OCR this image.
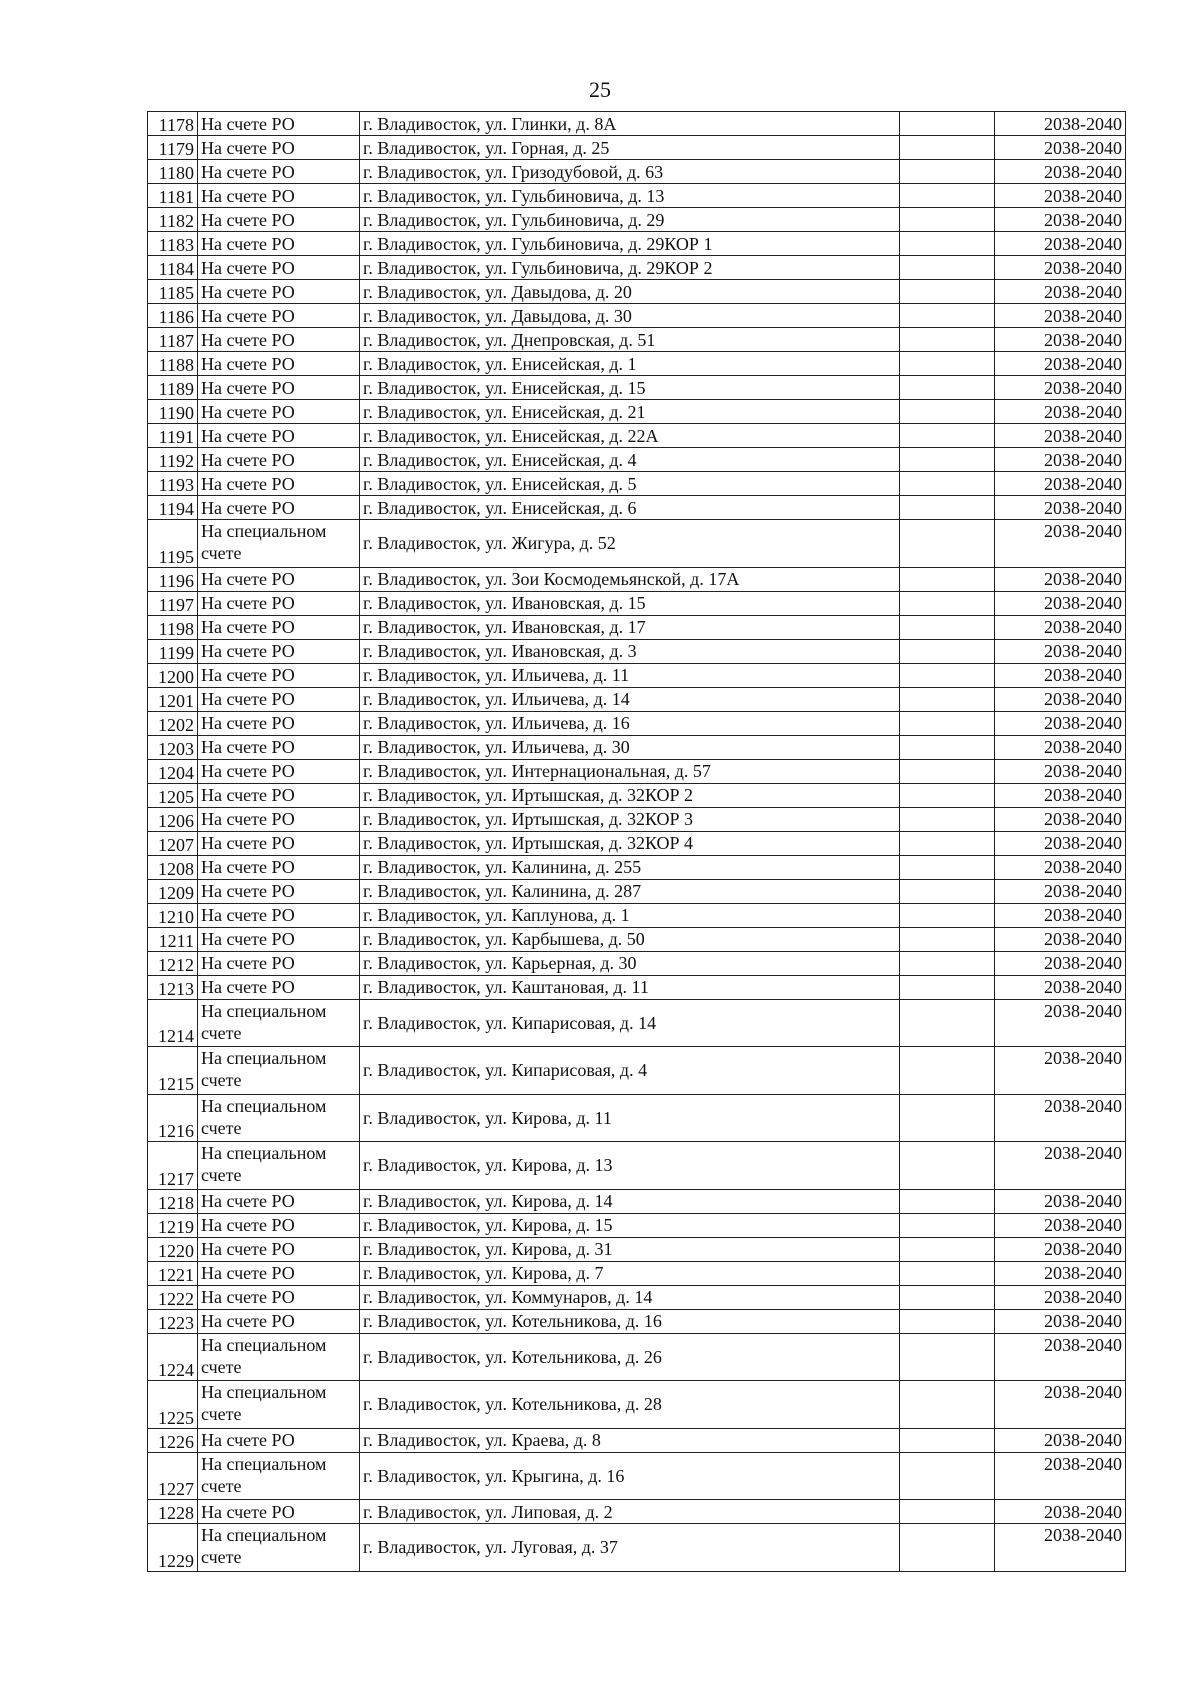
25
1178	На счете РО	г. Владивосток, ул. Глинки, д. 8А		2038-2040
1179	На счете РО	г. Владивосток, ул. Горная, д. 25		2038-2040
1180	На счете РО	г. Владивосток, ул. Гризодубовой, д. 63		2038-2040
1181	На счете РО	г. Владивосток, ул. Гульбиновича, д. 13		2038-2040
1182	На счете РО	г. Владивосток, ул. Гульбиновича, д. 29		2038-2040
1183	На счете РО	г. Владивосток, ул. Гульбиновича, д. 29КОР 1		2038-2040
1184	На счете РО	г. Владивосток, ул. Гульбиновича, д. 29КОР 2		2038-2040
1185	На счете РО	г. Владивосток, ул. Давыдова, д. 20		2038-2040
1186	На счете РО	г. Владивосток, ул. Давыдова, д. 30		2038-2040
1187	На счете РО	г. Владивосток, ул. Днепровская, д. 51		2038-2040
1188	На счете РО	г. Владивосток, ул. Енисейская, д. 1		2038-2040
1189	На счете РО	г. Владивосток, ул. Енисейская, д. 15		2038-2040
1190	На счете РО	г. Владивосток, ул. Енисейская, д. 21		2038-2040
1191	На счете РО	г. Владивосток, ул. Енисейская, д. 22А		2038-2040
1192	На счете РО	г. Владивосток, ул. Енисейская, д. 4		2038-2040
1193	На счете РО	г. Владивосток, ул. Енисейская, д. 5		2038-2040
1194	На счете РО	г. Владивосток, ул. Енисейская, д. 6		2038-2040
1195	На специальном счете	г. Владивосток, ул. Жигура, д. 52		2038-2040
1196	На счете РО	г. Владивосток, ул. Зои Космодемьянской, д. 17А		2038-2040
1197	На счете РО	г. Владивосток, ул. Ивановская, д. 15		2038-2040
1198	На счете РО	г. Владивосток, ул. Ивановская, д. 17		2038-2040
1199	На счете РО	г. Владивосток, ул. Ивановская, д. 3		2038-2040
1200	На счете РО	г. Владивосток, ул. Ильичева, д. 11		2038-2040
1201	На счете РО	г. Владивосток, ул. Ильичева, д. 14		2038-2040
1202	На счете РО	г. Владивосток, ул. Ильичева, д. 16		2038-2040
1203	На счете РО	г. Владивосток, ул. Ильичева, д. 30		2038-2040
1204	На счете РО	г. Владивосток, ул. Интернациональная, д. 57		2038-2040
1205	На счете РО	г. Владивосток, ул. Иртышская, д. 32КОР 2		2038-2040
1206	На счете РО	г. Владивосток, ул. Иртышская, д. 32КОР 3		2038-2040
1207	На счете РО	г. Владивосток, ул. Иртышская, д. 32КОР 4		2038-2040
1208	На счете РО	г. Владивосток, ул. Калинина, д. 255		2038-2040
1209	На счете РО	г. Владивосток, ул. Калинина, д. 287		2038-2040
1210	На счете РО	г. Владивосток, ул. Каплунова, д. 1		2038-2040
1211	На счете РО	г. Владивосток, ул. Карбышева, д. 50		2038-2040
1212	На счете РО	г. Владивосток, ул. Карьерная, д. 30		2038-2040
1213	На счете РО	г. Владивосток, ул. Каштановая, д. 11		2038-2040
1214	На специальном счете	г. Владивосток, ул. Кипарисовая, д. 14		2038-2040
1215	На специальном счете	г. Владивосток, ул. Кипарисовая, д. 4		2038-2040
1216	На специальном счете	г. Владивосток, ул. Кирова, д. 11		2038-2040
1217	На специальном счете	г. Владивосток, ул. Кирова, д. 13		2038-2040
1218	На счете РО	г. Владивосток, ул. Кирова, д. 14		2038-2040
1219	На счете РО	г. Владивосток, ул. Кирова, д. 15		2038-2040
1220	На счете РО	г. Владивосток, ул. Кирова, д. 31		2038-2040
1221	На счете РО	г. Владивосток, ул. Кирова, д. 7		2038-2040
1222	На счете РО	г. Владивосток, ул. Коммунаров, д. 14		2038-2040
1223	На счете РО	г. Владивосток, ул. Котельникова, д. 16		2038-2040
1224	На специальном счете	г. Владивосток, ул. Котельникова, д. 26		2038-2040
1225	На специальном счете	г. Владивосток, ул. Котельникова, д. 28		2038-2040
1226	На счете РО	г. Владивосток, ул. Краева, д. 8		2038-2040
1227	На специальном счете	г. Владивосток, ул. Крыгина, д. 16		2038-2040
1228	На счете РО	г. Владивосток, ул. Липовая, д. 2		2038-2040
1229	На специальном счете	г. Владивосток, ул. Луговая, д. 37		2038-2040
